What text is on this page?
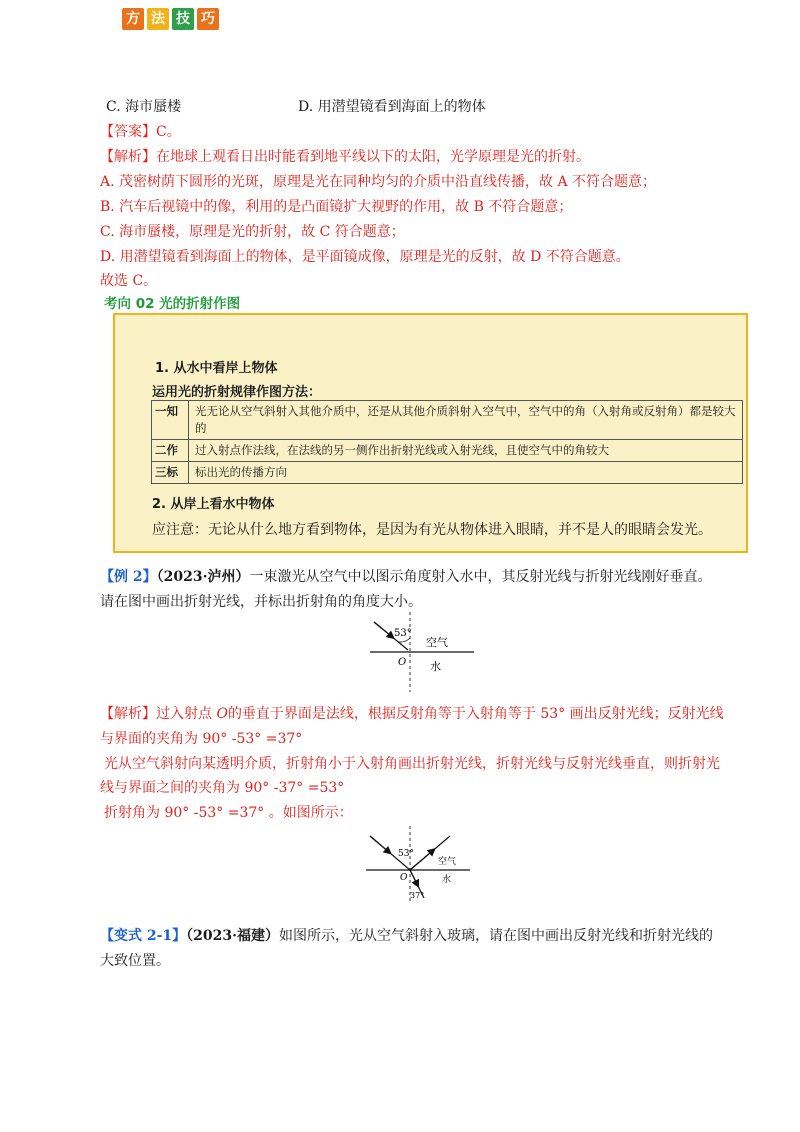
C. 海市蜃楼	D. 用潜望镜看到海面上的物体
【答案】C。
【解析】在地球上观看日出时能看到地平线以下的太阳，光学原理是光的折射。
A. 茂密树荫下圆形的光斑，原理是光在同种均匀的介质中沿直线传播，故 A 不符合题意；
B. 汽车后视镜中的像，利用的是凸面镜扩大视野的作用，故 B 不符合题意；
C. 海市蜃楼，原理是光的折射，故 C 符合题意；
D. 用潜望镜看到海面上的物体，是平面镜成像，原理是光的反射，故 D 不符合题意。
故选 C。
考向 02 光的折射作图
方 法 技 巧
1. 从水中看岸上物体
运用光的折射规律作图方法：
一知	光无论从空气斜射入其他介质中，还是从其他介质斜射入空气中，空气中的角（入射角或反射角）都是较大的
二作	过入射点作法线，在法线的另一侧作出折射光线或入射光线，且使空气中的角较大
三标	标出光的传播方向
2. 从岸上看水中物体
应注意：无论从什么地方看到物体，是因为有光从物体进入眼睛，并不是人的眼睛会发光。
【例 2】（2023·泸州）一束激光从空气中以图示角度射入水中，其反射光线与折射光线刚好垂直。
请在图中画出折射光线，并标出折射角的角度大小。
53°
空气
水
O
【解析】过入射点 O的垂直于界面是法线，根据反射角等于入射角等于 53° 画出反射光线；反射光线
与界面的夹角为 90° -53° =37°
光从空气斜射向某透明介质，折射角小于入射角画出折射光线，折射光线与反射光线垂直，则折射光
线与界面之间的夹角为 90° -37° =53°
折射角为 90° -53° =37° 。如图所示：
53°
37°
空气
水
O
【变式 2-1】（2023·福建）如图所示，光从空气斜射入玻璃，请在图中画出反射光线和折射光线的
大致位置。
